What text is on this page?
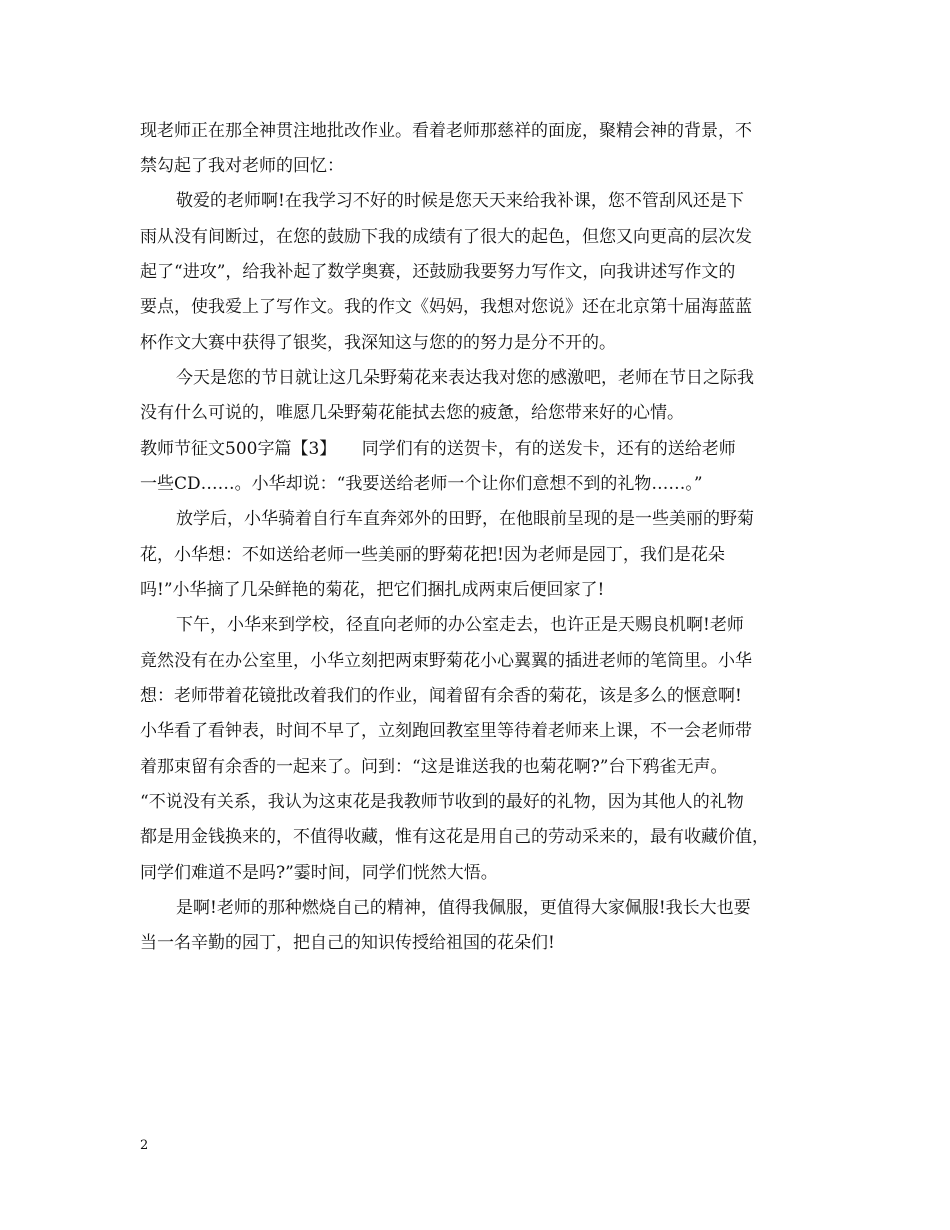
现老师正在那全神贯注地批改作业。看着老师那慈祥的面庞，聚精会神的背景，不
禁勾起了我对老师的回忆：
敬爱的老师啊!在我学习不好的时候是您天天来给我补课，您不管刮风还是下
雨从没有间断过，在您的鼓励下我的成绩有了很大的起色，但您又向更高的层次发
起了“进攻”，给我补起了数学奥赛，还鼓励我要努力写作文，向我讲述写作文的
要点，使我爱上了写作文。我的作文《妈妈，我想对您说》还在北京第十届海蓝蓝
杯作文大赛中获得了银奖，我深知这与您的的努力是分不开的。
今天是您的节日就让这几朵野菊花来表达我对您的感激吧，老师在节日之际我
没有什么可说的，唯愿几朵野菊花能拭去您的疲惫，给您带来好的心情。
教师节征文500字篇【3】　　同学们有的送贺卡，有的送发卡，还有的送给老师
一些CD……。小华却说：“我要送给老师一个让你们意想不到的礼物……。”
放学后，小华骑着自行车直奔郊外的田野，在他眼前呈现的是一些美丽的野菊
花，小华想：不如送给老师一些美丽的野菊花把!因为老师是园丁，我们是花朵
吗!”小华摘了几朵鲜艳的菊花，把它们捆扎成两束后便回家了!
下午，小华来到学校，径直向老师的办公室走去，也许正是天赐良机啊!老师
竟然没有在办公室里，小华立刻把两束野菊花小心翼翼的插进老师的笔筒里。小华
想：老师带着花镜批改着我们的作业，闻着留有余香的菊花，该是多么的惬意啊!
小华看了看钟表，时间不早了，立刻跑回教室里等待着老师来上课，不一会老师带
着那束留有余香的一起来了。问到：“这是谁送我的也菊花啊?”台下鸦雀无声。
“不说没有关系，我认为这束花是我教师节收到的最好的礼物，因为其他人的礼物
都是用金钱换来的，不值得收藏，惟有这花是用自己的劳动采来的，最有收藏价值，
同学们难道不是吗?”霎时间，同学们恍然大悟。
是啊!老师的那种燃烧自己的精神，值得我佩服，更值得大家佩服!我长大也要
当一名辛勤的园丁，把自己的知识传授给祖国的花朵们!
2
